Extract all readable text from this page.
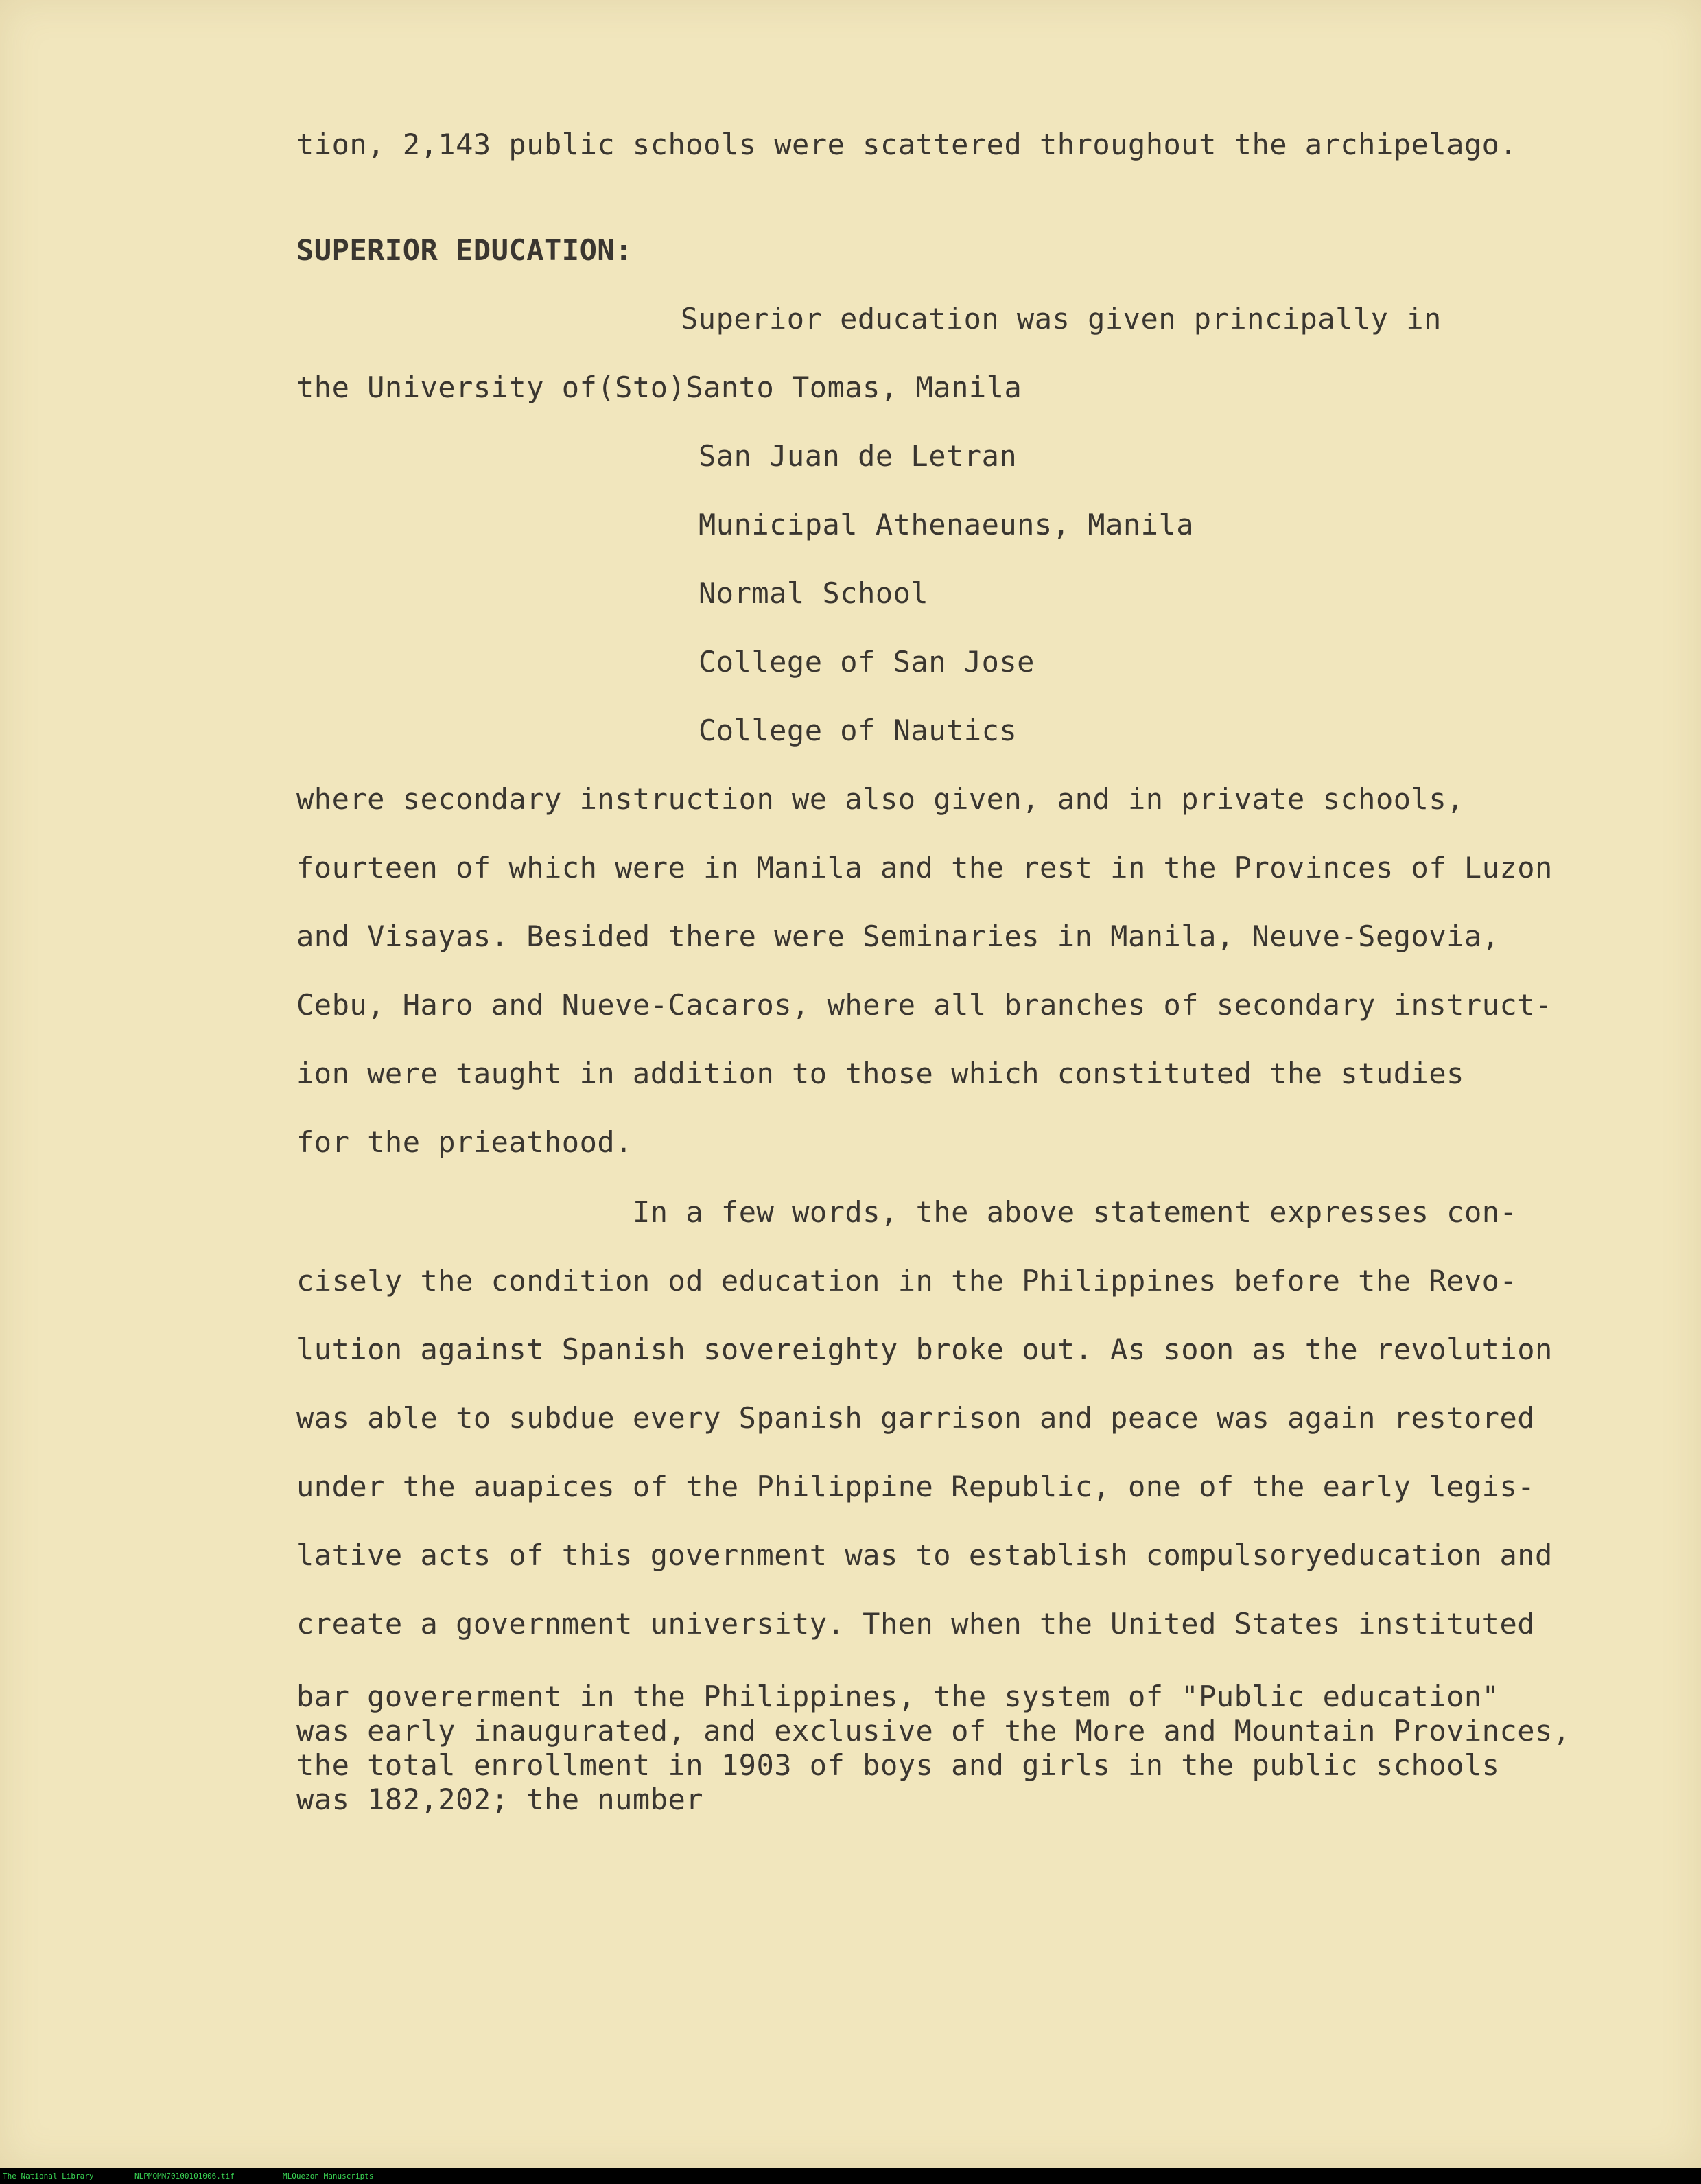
tion, 2,143 public schools were scattered throughout the archipelago.

SUPERIOR EDUCATION:

Superior education was given principally in

the University of(Sto)Santo Tomas, Manila

San Juan de Letran

Municipal Athenaeuns, Manila

Normal School

College of San Jose

College of Nautics

where secondary instruction we also given, and in private schools,

fourteen of which were in Manila and the rest in the Provinces of Luzon

and Visayas. Besided there were Seminaries in Manila, Neuve-Segovia,

Cebu, Haro and Nueve-Cacaros, where all branches of secondary instruct-

ion were taught in addition to those which constituted the studies

for the prieathood.

In a few words, the above statement expresses con-

cisely the condition od education in the Philippines before the Revo-

lution against Spanish sovereighty broke out. As soon as the revolution

was able to subdue every Spanish garrison and peace was again restored

under the auapices of the Philippine Republic, one of the early legis-

lative acts of this government was to establish compulsoryeducation and

create a government university. Then when the United States instituted

bar govererment in the Philippines, the system of "Public education"

was early inaugurated, and exclusive of the More and Mountain Provinces,

the total enrollment in 1903 of boys and girls in the public schools

was 182,202; the number

The National Library	NLPMQMN70100101006.tif	MLQuezon Manuscripts
